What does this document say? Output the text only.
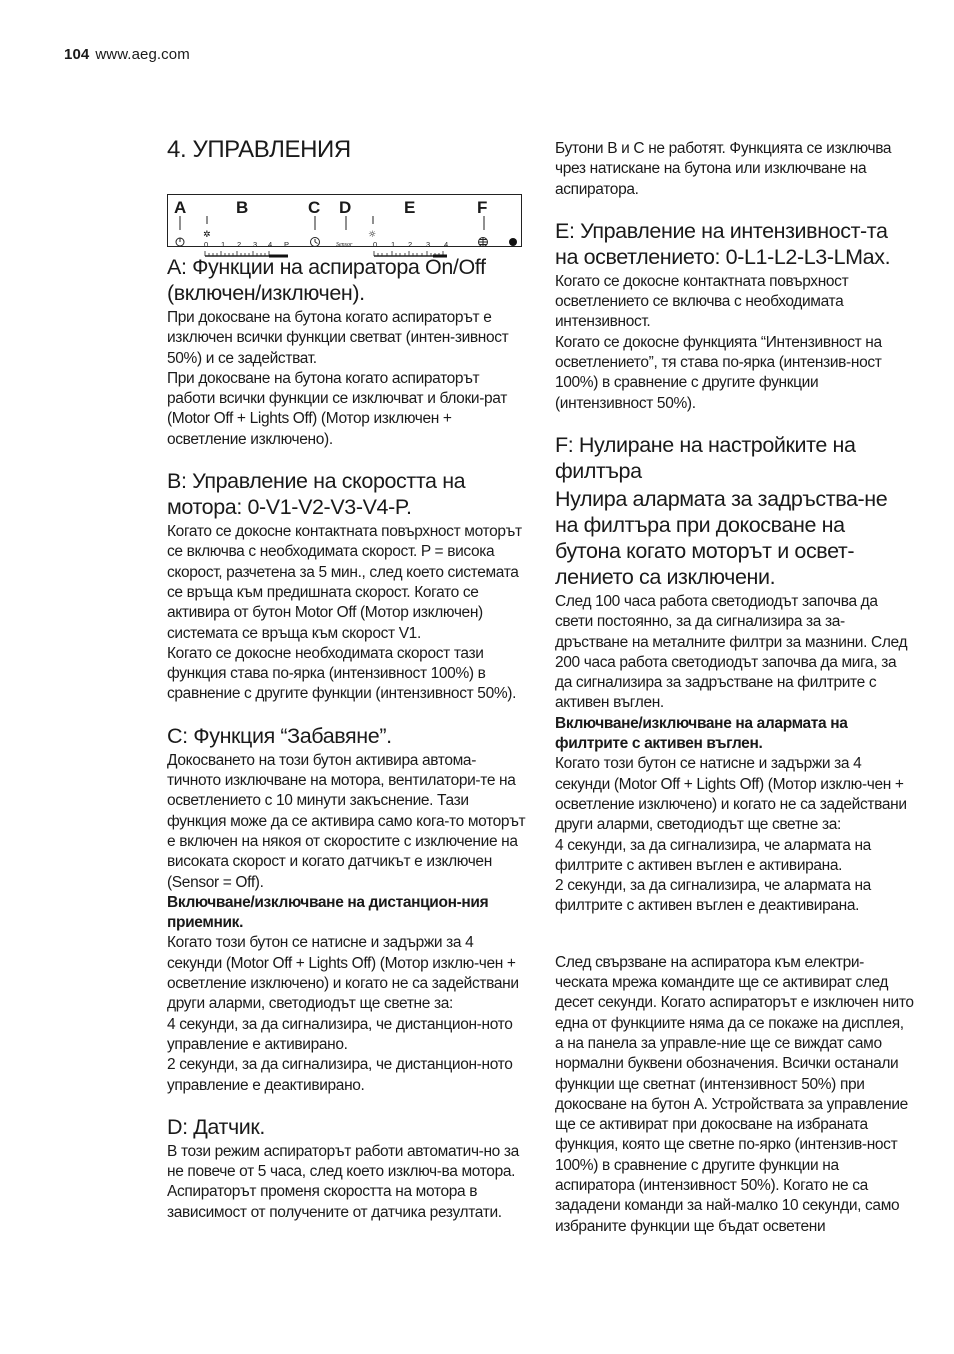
104 www.aeg.com
4. УПРАВЛЕНИЯ
A	B	C D	E	F
✲
0 1 2 3 4 P	Sensor
☼
0 1 2 3 4
A: Функции на аспиратора On/Off (включен/изключен).

При докосване на бутона когато аспираторът е изключен всички функции светват (интен-зивност 50%) и се задействат.

При докосване на бутона когато аспираторът работи всички функции се изключват и блоки-рат (Motor Off + Lights Off) (Мотор изключен + осветление изключено).

B: Управление на скоростта на мотора: 0-V1-V2-V3-V4-P.

Когато се докосне контактната повърхност моторът се включва с необходимата скорост. P = висока скорост, разчетена за 5 мин., след което системата се връща към предишната скорост. Когато се активира от бутон Motor Off (Мотор изключен) системата се връща към скорост V1.

Когато се докосне необходимата скорост тази функция става по-ярка (интензивност 100%) в сравнение с другите функции (интензивност 50%).

C: Функция “Забавяне”.

Докосването на този бутон активира автома-тичното изключване на мотора, вентилатори-те на осветлението с 10 минути закъснение. Тази функция може да се активира само кога-то моторът е включен на някоя от скоростите с изключение на високата скорост и когато датчикът е изключен (Sensor = Off).

Включване/изключване на дистанцион-ния приемник.

Когато този бутон се натисне и задържи за 4 секунди (Motor Off + Lights Off) (Мотор изклю-чен + осветление изключено) и когато не са задействани други аларми, светодиодът ще светне за:

4 секунди, за да сигнализира, че дистанцион-ното управление е активирано.

2 секунди, за да сигнализира, че дистанцион-ното управление е деактивирано.

D: Датчик.

В този режим аспираторът работи автоматич-но за не повече от 5 часа, след което изключ-ва мотора. Аспираторът променя скоростта на мотора в зависимост от получените от датчика резултати.

Бутони B и C не работят. Функцията се изключва чрез натискане на бутона или изключване на аспиратора.

E: Управление на интензивност-та на осветлението: 0-L1-L2-L3-LMax.

Когато се докосне контактната повърхност осветлението се включва с необходимата интензивност.

Когато се докосне функцията “Интензивност на осветлението”, тя става по-ярка (интензив-ност 100%) в сравнение с другите функции (интензивност 50%).

F: Нулиране на настройките на филтъра
Нулира алармата за задръства-не на филтъра при докосване на бутона когато моторът и освет-лението са изключени.

След 100 часа работа светодиодът започва да свети постоянно, за да сигнализира за за-дръстване на металните филтри за мазнини. След 200 часа работа светодиодът започва да мига, за да сигнализира за задръстване на филтрите с активен въглен.

Включване/изключване на алармата на филтрите с активен въглен.

Когато този бутон се натисне и задържи за 4 секунди (Motor Off + Lights Off) (Мотор изклю-чен + осветление изключено) и когато не са задействани други аларми, светодиодът ще светне за:

4 секунди, за да сигнализира, че алармата на филтрите с активен въглен е активирана.

2 секунди, за да сигнализира, че алармата на филтрите с активен въглен е деактивирана.

След свързване на аспиратора към електри-ческата мрежа командите ще се активират след десет секунди. Когато аспираторът е изключен нито една от функциите няма да се покаже на дисплея, а на панела за управле-ние ще се виждат само нормални буквени обозначения. Всички останали функции ще светнат (интензивност 50%) при докосване на бутон A. Устройствата за управление ще се активират при докосване на избраната функция, която ще светне по-ярко (интензив-ност 100%) в сравнение с другите функции на аспиратора (интензивност 50%). Когато не са зададени команди за най-малко 10 секунди, само избраните функции ще бъдат осветени
